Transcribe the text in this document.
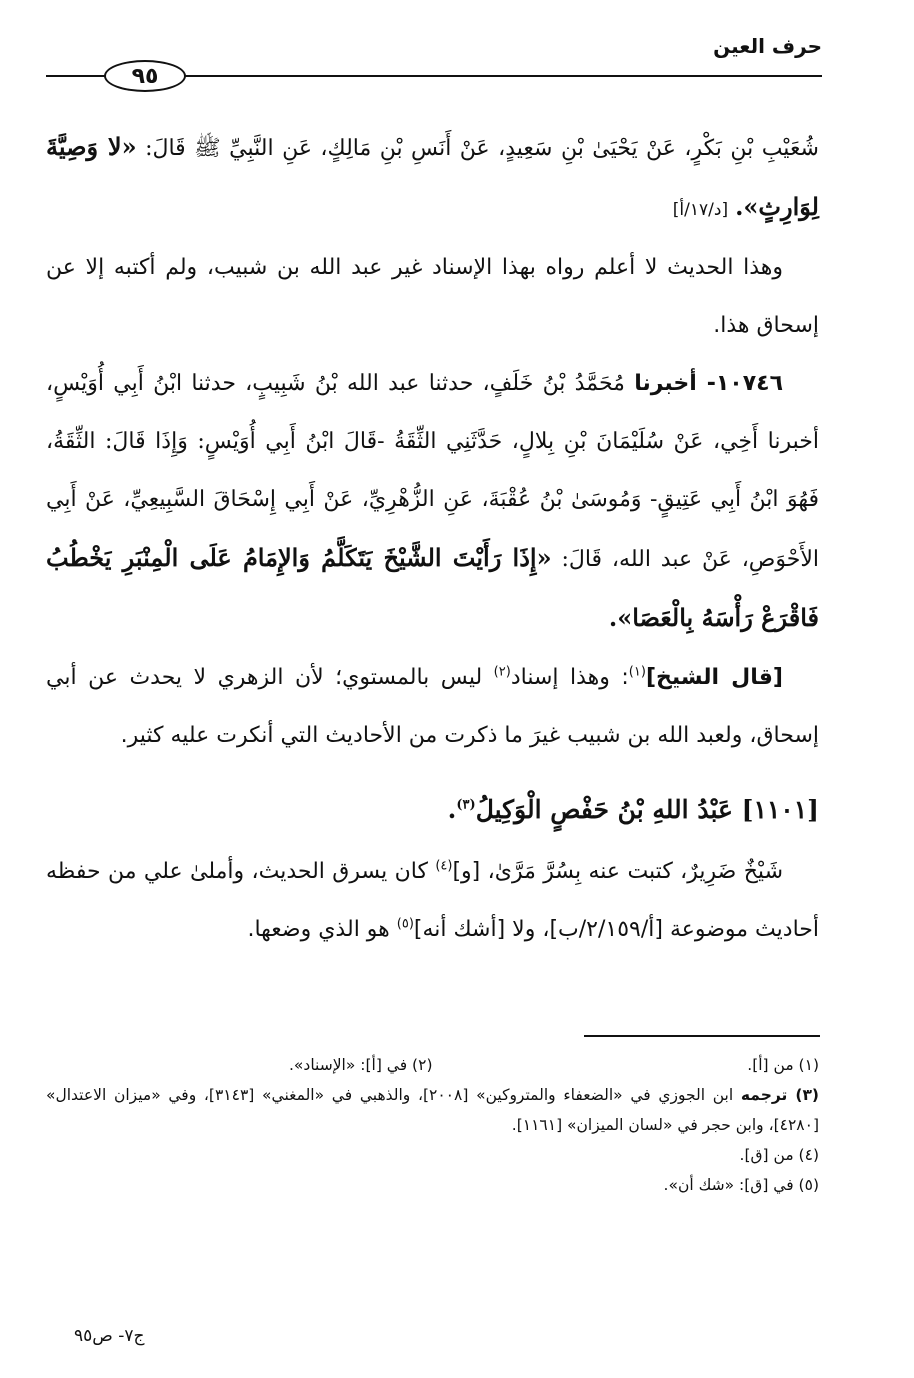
حرف العين
٩٥

شُعَيْبِ بْنِ بَكْرٍ، عَنْ يَحْيَىٰ بْنِ سَعِيدٍ، عَنْ أَنَسِ بْنِ مَالِكٍ، عَنِ النَّبِيِّ ﷺ قَالَ: «لا وَصِيَّةَ لِوَارِثٍ». [د/١٧/أ]

وهذا الحديث لا أعلم رواه بهذا الإسناد غير عبد الله بن شبيب، ولم أكتبه إلا عن إسحاق هذا.

١٠٧٤٦- أخبرنا مُحَمَّدُ بْنُ خَلَفٍ، حدثنا عبد الله بْنُ شَبِيبٍ، حدثنا ابْنُ أَبِي أُوَيْسٍ، أخبرنا أَخِي، عَنْ سُلَيْمَانَ بْنِ بِلالٍ، حَدَّثَنِي الثِّقَةُ -قَالَ ابْنُ أَبِي أُوَيْسٍ: وَإِذَا قَالَ: الثِّقَةُ، فَهُوَ ابْنُ أَبِي عَتِيقٍ- وَمُوسَىٰ بْنُ عُقْبَةَ، عَنِ الزُّهْرِيِّ، عَنْ أَبِي إِسْحَاقَ السَّبِيعِيِّ، عَنْ أَبِي الأَحْوَصِ، عَنْ عبد الله، قَالَ: «إِذَا رَأَيْتَ الشَّيْخَ يَتَكَلَّمُ وَالإِمَامُ عَلَى الْمِنْبَرِ يَخْطُبُ فَاقْرَعْ رَأْسَهُ بِالْعَصَا».

[قال الشيخ]$^{(١)}$: وهذا إسناد$^{(٢)}$ ليس بالمستوي؛ لأن الزهري لا يحدث عن أبي إسحاق، ولعبد الله بن شبيب غيرَ ما ذكرت من الأحاديث التي أنكرت عليه كثير.

[١١٠١] عَبْدُ اللهِ بْنُ حَفْصٍ الْوَكِيلُ$^{(٣)}$.

شَيْخٌ ضَرِيرٌ، كتبت عنه بِسُرَّ مَرَّىٰ، [و]$^{(٤)}$ كان يسرق الحديث، وأملىٰ علي من حفظه أحاديث موضوعة [أ/٢/١٥٩/ب]، ولا [أشك أنه]$^{(٥)}$ هو الذي وضعها.

(١) من [أ].
(٢) في [أ]: «الإسناد».

(٣)ترجمه ابن الجوزي في «الضعفاء والمتروكين» [٢٠٠٨]، والذهبي في «المغني» [٣١٤٣]، وفي «ميزان الاعتدال» [٤٢٨٠]، وابن حجر في «لسان الميزان» [١١٦١].

(٤) من [ق].

(٥) في [ق]: «شك أن».

ج٧- ص٩٥
